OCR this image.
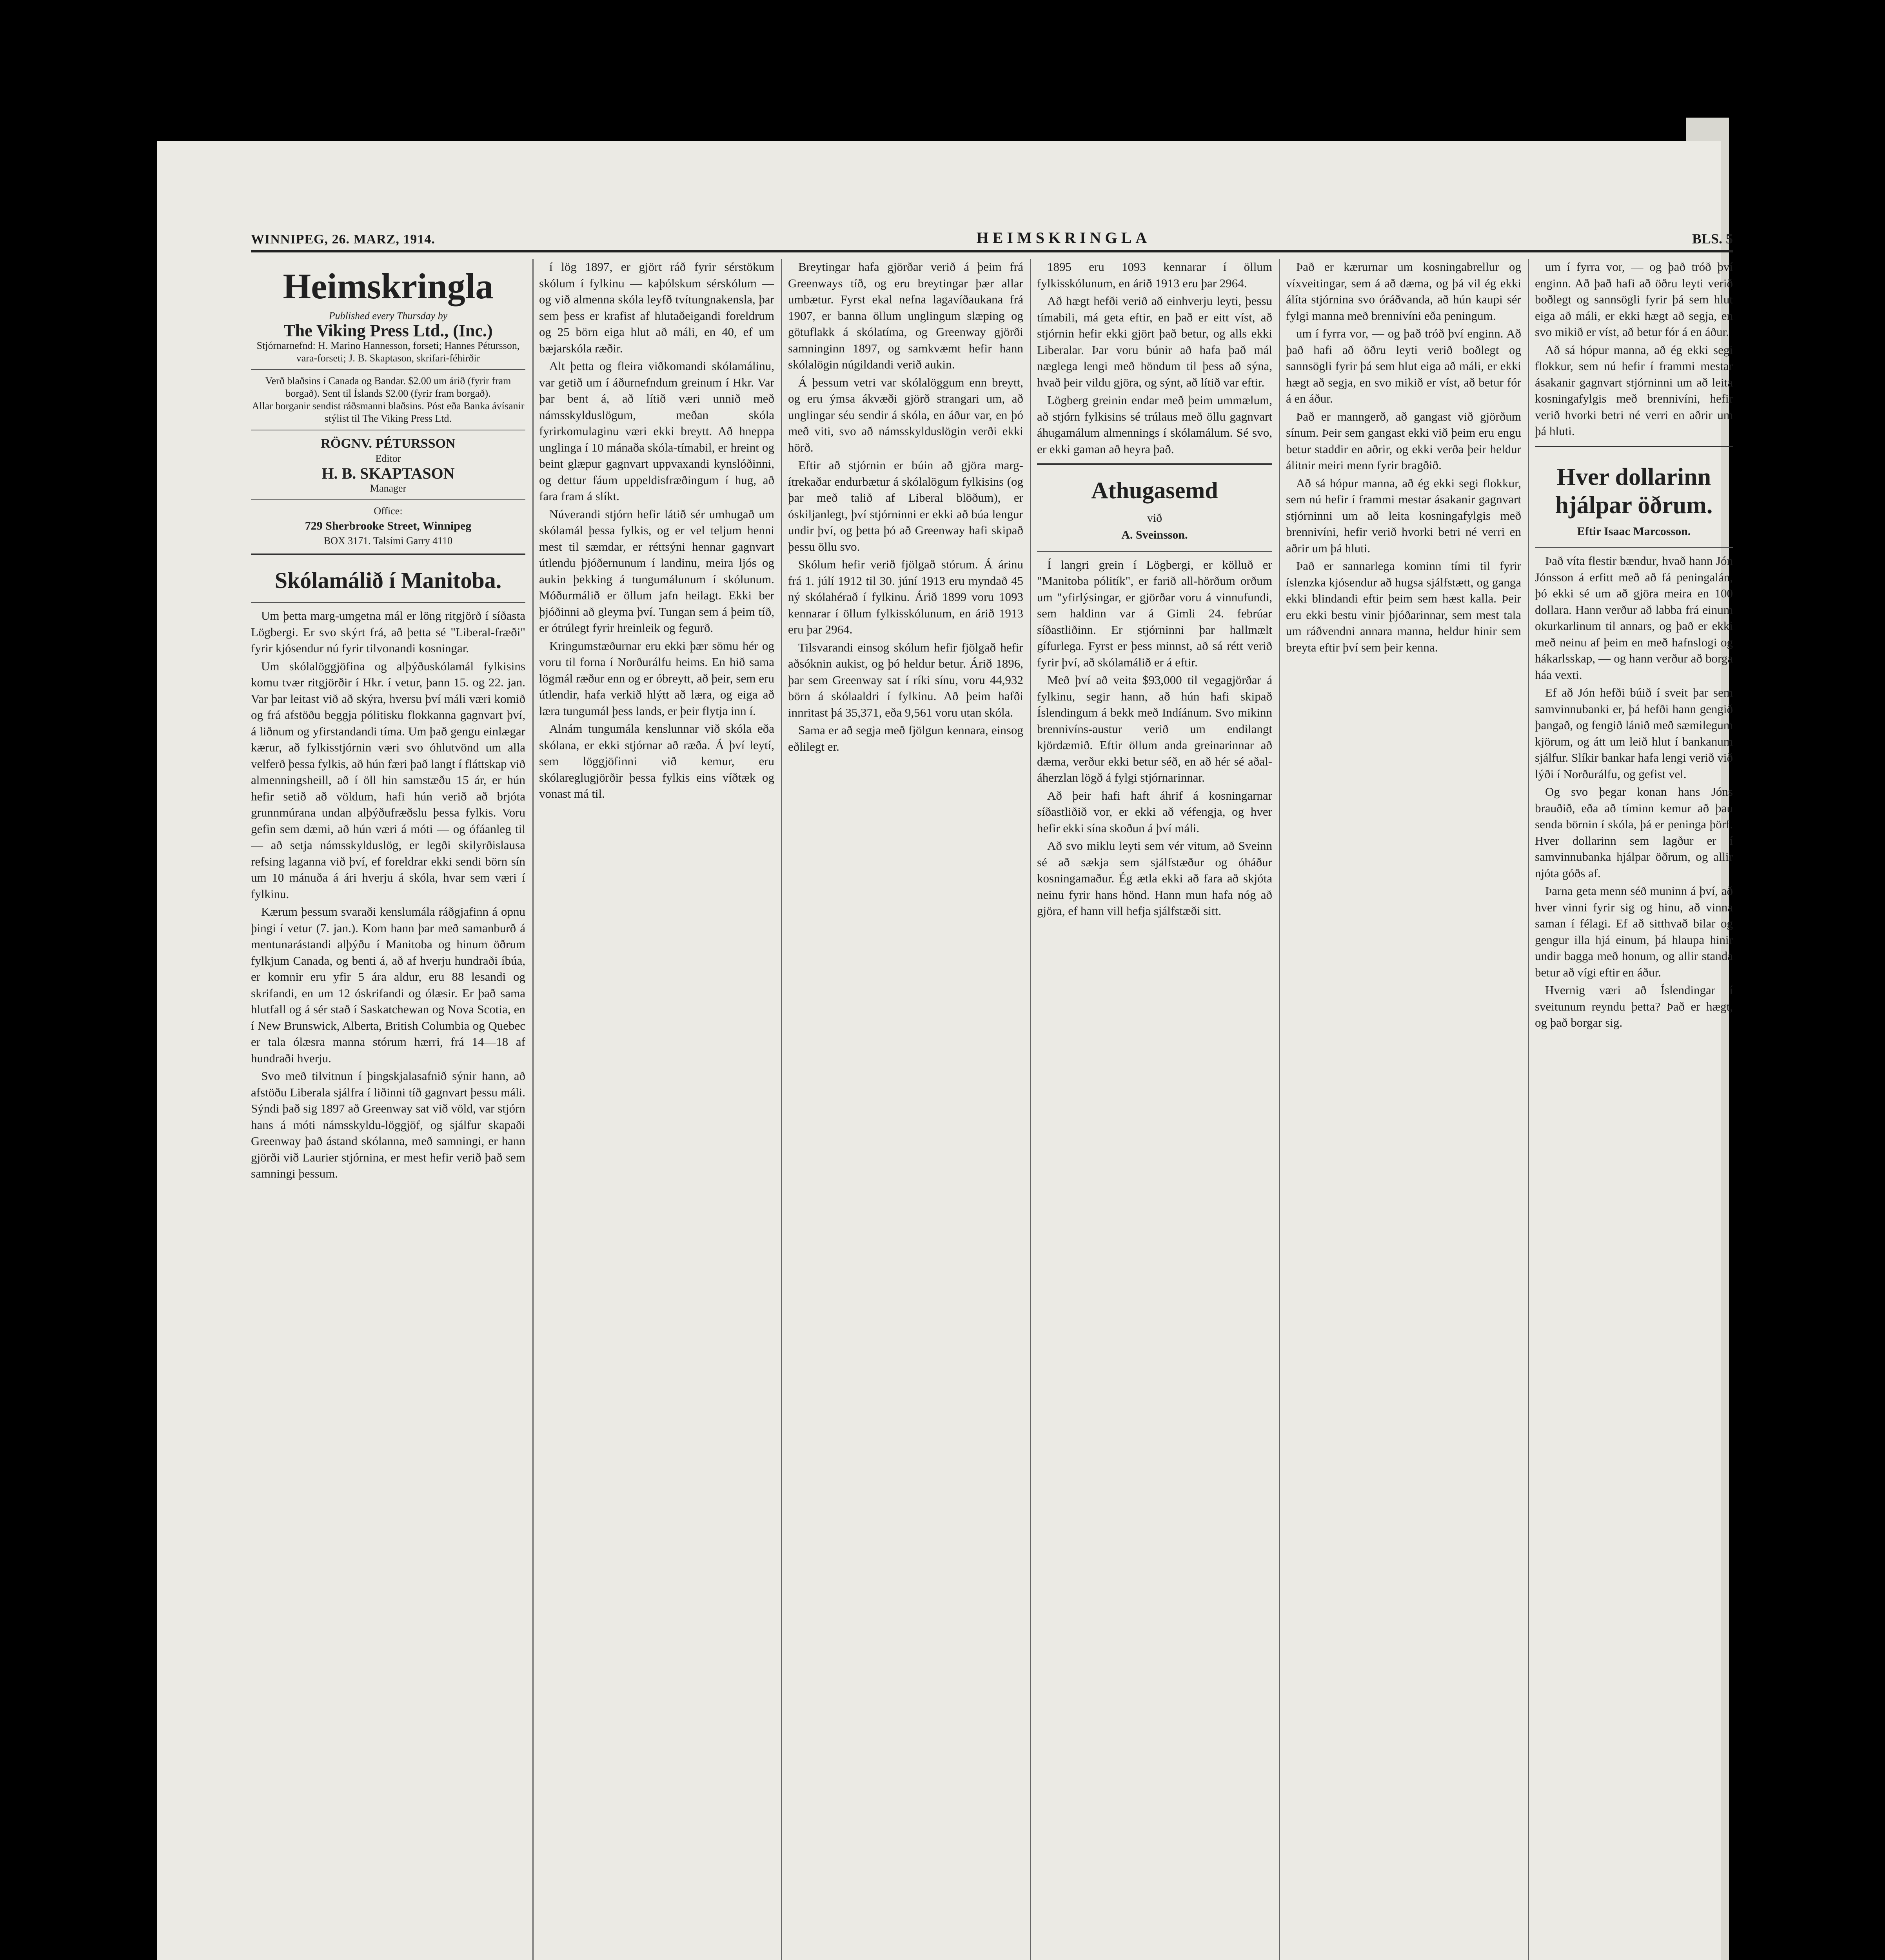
WINNIPEG, 26. MARZ, 1914.	HEIMSKRINGLA	BLS. 5
Heimskringla
Published every Thursday by
The Viking Press Ltd., (Inc.)
Stjórnarnefnd: H. Marino Hannesson, forseti; Hannes Pétursson, vara-forseti; J. B. Skaptason, skrifari-féhirðir
Verð blaðsins í Canada og Bandar. $2.00 um árið (fyrir fram borgað). Sent til Íslands $2.00 (fyrir fram borgað).
Allar borganir sendist ráðsmanni blaðsins. Póst eða Banka ávísanir stýlist til The Viking Press Ltd.
RÖGNV. PÉTURSSON
Editor
H. B. SKAPTASON
Manager
Office:
729 Sherbrooke Street, Winnipeg
BOX 3171. Talsími Garry 4110
Skólamálið í Manitoba.

Um þetta marg-umgetna mál er löng ritgjörð í síðasta Lögbergi. Er svo skýrt frá, að þetta sé "Liberal-fræði" fyrir kjósendur nú fyrir tilvonandi kosningar.

Um skólalöggjöfina og alþýðuskólamál fylkisins komu tvær ritgjörðir í Hkr. í vetur, þann 15. og 22. jan. Var þar leitast við að skýra, hversu því máli væri komið og frá afstöðu beggja pólitisku flokkanna gagnvart því, á liðnum og yfirstandandi tíma. Um það gengu einlægar kærur, að fylkisstjórnin væri svo óhlutvönd um alla velferð þessa fylkis, að hún færi það langt í fláttskap við almenningsheill, að í öll hin samstæðu 15 ár, er hún hefir setið að völdum, hafi hún verið að brjóta grunnmúrana undan alþýðufræðslu þessa fylkis. Voru gefin sem dæmi, að hún væri á móti — og ófáanleg til — að setja námsskylduslög, er legði skilyrðislausa refsing laganna við því, ef foreldrar ekki sendi börn sín um 10 mánuða á ári hverju á skóla, hvar sem væri í fylkinu.

Kærum þessum svaraði kenslumála ráðgjafinn á opnu þingi í vetur (7. jan.). Kom hann þar með samanburð á mentunarástandi alþýðu í Manitoba og hinum öðrum fylkjum Canada, og benti á, að af hverju hundraði íbúa, er komnir eru yfir 5 ára aldur, eru 88 lesandi og skrifandi, en um 12 óskrifandi og ólæsir. Er það sama hlutfall og á sér stað í Saskatchewan og Nova Scotia, en í New Brunswick, Alberta, British Columbia og Quebec er tala ólæsra manna stórum hærri, frá 14—18 af hundraði hverju.

Svo með tilvitnun í þingskjalasafnið sýnir hann, að afstöðu Liberala sjálfra í liðinni tíð gagnvart þessu máli. Sýndi það sig 1897 að Greenway sat við völd, var stjórn hans á móti námsskyldu-löggjöf, og sjálfur skapaði Greenway það ástand skólanna, með samningi, er hann gjörði við Laurier stjórnina, er mest hefir verið það sem samningi þessum.

í lög 1897, er gjört ráð fyrir sérstökum skólum í fylkinu — kaþólskum sérskólum — og við almenna skóla leyfð tvítungnakensla, þar sem þess er krafist af hlutaðeigandi foreldrum og 25 börn eiga hlut að máli, en 40, ef um bæjarskóla ræðir.

Alt þetta og fleira viðkomandi skólamálinu, var getið um í áðurnefndum greinum í Hkr. Var þar bent á, að lítið væri unnið með námsskylduslögum, meðan skóla fyrirkomulaginu væri ekki breytt. Að hneppa unglinga í 10 mánaða skóla-tímabil, er hreint og beint glæpur gagnvart uppvaxandi kynslóðinni, og dettur fáum uppeldisfræðingum í hug, að fara fram á slíkt.

Núverandi stjórn hefir látið sér umhugað um skólamál þessa fylkis, og er vel teljum henni mest til sæmdar, er réttsýni hennar gagnvart útlendu þjóðernunum í landinu, meira ljós og aukin þekking á tungumálunum í skólunum. Móðurmálið er öllum jafn heilagt. Ekki ber þjóðinni að gleyma því. Tungan sem á þeim tíð, er ótrúlegt fyrir hreinleik og fegurð.

Kringumstæðurnar eru ekki þær sömu hér og voru til forna í Norðurálfu heims. En hið sama lögmál ræður enn og er óbreytt, að þeir, sem eru útlendir, hafa verkið hlýtt að læra, og eiga að læra tungumál þess lands, er þeir flytja inn í.

Alnám tungumála kenslunnar við skóla eða skólana, er ekki stjórnar að ræða. Á því leytí, sem löggjöfinni við kemur, eru skólareglugjörðir þessa fylkis eins víðtæk og vonast má til.

Breytingar hafa gjörðar verið á þeim frá Greenways tíð, og eru breytingar þær allar umbætur. Fyrst ekal nefna lagavíðaukana frá 1907, er banna öllum unglingum slæping og götuflakk á skólatíma, og Greenway gjörði samninginn 1897, og samkvæmt hefir hann skólalögin núgildandi verið aukin.

Á þessum vetri var skólalöggum enn breytt, og eru ýmsa ákvæði gjörð strangari um, að unglingar séu sendir á skóla, en áður var, en þó með viti, svo að námsskylduslögin verði ekki hörð.

Eftir að stjórnin er búin að gjöra marg-ítrekaðar endurbætur á skólalögum fylkisins (og þar með talið af Liberal blöðum), er óskiljanlegt, því stjórninni er ekki að búa lengur undir því, og þetta þó að Greenway hafi skipað þessu öllu svo.

Skólum hefir verið fjölgað stórum. Á árinu frá 1. júlí 1912 til 30. júní 1913 eru myndað 45 ný skólahérað í fylkinu. Árið 1899 voru 1093 kennarar í öllum fylkisskólunum, en árið 1913 eru þar 2964.

Tilsvarandi einsog skólum hefir fjölgað hefir aðsóknin aukist, og þó heldur betur. Árið 1896, þar sem Greenway sat í ríki sínu, voru 44,932 börn á skólaaldri í fylkinu. Að þeim hafði innritast þá 35,371, eða 9,561 voru utan skóla.

Sama er að segja með fjölgun kennara, einsog eðlilegt er.

1895 eru 1093 kennarar í öllum fylkisskólunum, en árið 1913 eru þar 2964.

Að hægt hefði verið að einhverju leyti, þessu tímabili, má geta eftir, en það er eitt víst, að stjórnin hefir ekki gjört það betur, og alls ekki Liberalar. Þar voru búnir að hafa það mál næglega lengi með höndum til þess að sýna, hvað þeir vildu gjöra, og sýnt, að lítið var eftir.

Lögberg greinin endar með þeim ummælum, að stjórn fylkisins sé trúlaus með öllu gagnvart áhugamálum almennings í skólamálum. Sé svo, er ekki gaman að heyra það.

Athugasemd
við
A. Sveinsson.

Í langri grein í Lögbergi, er kölluð er "Manitoba pólitík", er farið all-hörðum orðum um "yfirlýsingar, er gjörðar voru á vinnufundi, sem haldinn var á Gimli 24. febrúar síðastliðinn. Er stjórninni þar hallmælt gífurlega. Fyrst er þess minnst, að sá rétt verið fyrir því, að skólamálið er á eftir.

Með því að veita $93,000 til vegagjörðar á fylkinu, segir hann, að hún hafi skipað Íslendingum á bekk með Indíánum. Svo mikinn brennivíns-austur verið um endilangt kjördæmið. Eftir öllum anda greinarinnar að dæma, verður ekki betur séð, en að hér sé aðal-áherzlan lögð á fylgi stjórnarinnar.

Að þeir hafi haft áhrif á kosningarnar síðastliðið vor, er ekki að véfengja, og hver hefir ekki sína skoðun á því máli.

Að svo miklu leyti sem vér vitum, að Sveinn sé að sækja sem sjálfstæður og óháður kosningamaður. Ég ætla ekki að fara að skjóta neinu fyrir hans hönd. Hann mun hafa nóg að gjöra, ef hann vill hefja sjálfstæði sitt.

Það er kærurnar um kosningabrellur og víxveitingar, sem á að dæma, og þá vil ég ekki álíta stjórnina svo óráðvanda, að hún kaupi sér fylgi manna með brennivíni eða peningum.

um í fyrra vor, — og það tróð því enginn. Að það hafi að öðru leyti verið boðlegt og sannsögli fyrir þá sem hlut eiga að máli, er ekki hægt að segja, en svo mikið er víst, að betur fór á en áður.

Það er manngerð, að gangast við gjörðum sínum. Þeir sem gangast ekki við þeim eru engu betur staddir en aðrir, og ekki verða þeir heldur álitnir meiri menn fyrir bragðið.

Að sá hópur manna, að ég ekki segi flokkur, sem nú hefir í frammi mestar ásakanir gagnvart stjórninni um að leita kosningafylgis með brennivíni, hefir verið hvorki betri né verri en aðrir um þá hluti.

Það er sannarlega kominn tími til fyrir íslenzka kjósendur að hugsa sjálfstætt, og ganga ekki blindandi eftir þeim sem hæst kalla. Þeir eru ekki bestu vinir þjóðarinnar, sem mest tala um ráðvendni annara manna, heldur hinir sem breyta eftir því sem þeir kenna.

um í fyrra vor, — og það tróð því enginn. Að það hafi að öðru leyti verið boðlegt og sannsögli fyrir þá sem hlut eiga að máli, er ekki hægt að segja, en svo mikið er víst, að betur fór á en áður.

Að sá hópur manna, að ég ekki segi flokkur, sem nú hefir í frammi mestar ásakanir gagnvart stjórninni um að leita kosningafylgis með brennivíni, hefir verið hvorki betri né verri en aðrir um þá hluti.

Hver dollarinn hjálpar öðrum.
Eftir Isaac Marcosson.

Það víta flestir bændur, hvað hann Jón Jónsson á erfitt með að fá peningalán, þó ekki sé um að gjöra meira en 100 dollara. Hann verður að labba frá einum okurkarlinum til annars, og það er ekki með neinu af þeim en með hafnslogi og hákarlsskap, — og hann verður að borga háa vexti.

Ef að Jón hefði búið í sveit þar sem samvinnubanki er, þá hefði hann gengið þangað, og fengið lánið með sæmilegum kjörum, og átt um leið hlut í bankanum sjálfur. Slíkir bankar hafa lengi verið við lýði í Norðurálfu, og gefist vel.

Og svo þegar konan hans Jóns brauðið, eða að tíminn kemur að þau senda börnin í skóla, þá er peninga þörf. Hver dollarinn sem lagður er í samvinnubanka hjálpar öðrum, og allir njóta góðs af.

Þarna geta menn séð muninn á því, að hver vinni fyrir sig og hinu, að vinna saman í félagi. Ef að sitthvað bilar og gengur illa hjá einum, þá hlaupa hinir undir bagga með honum, og allir standa betur að vígi eftir en áður.

Hvernig væri að Íslendingar í sveitunum reyndu þetta? Það er hægt, og það borgar sig.
